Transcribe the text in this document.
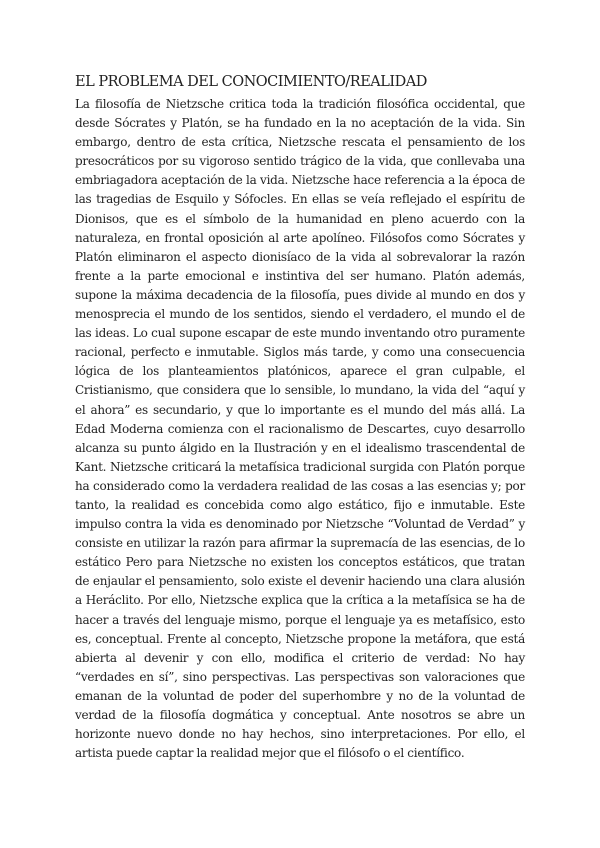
EL PROBLEMA DEL CONOCIMIENTO/REALIDAD

La filosofía de Nietzsche critica toda la tradición filosófica occidental, que desde Sócrates y Platón, se ha fundado en la no aceptación de la vida. Sin embargo, dentro de esta crítica, Nietzsche rescata el pensamiento de los presocráticos por su vigoroso sentido trágico de la vida, que conllevaba una embriagadora aceptación de la vida. Nietzsche hace referencia a la época de las tragedias de Esquilo y Sófocles. En ellas se veía reflejado el espíritu de Dionisos, que es el símbolo de la humanidad en pleno acuerdo con la naturaleza, en frontal oposición al arte apolíneo. Filósofos como Sócrates y Platón eliminaron el aspecto dionisíaco de la vida al sobrevalorar la razón frente a la parte emocional e instintiva del ser humano. Platón además, supone la máxima decadencia de la filosofía, pues divide al mundo en dos y menosprecia el mundo de los sentidos, siendo el verdadero, el mundo el de las ideas. Lo cual supone escapar de este mundo inventando otro puramente racional, perfecto e inmutable. Siglos más tarde, y como una consecuencia lógica de los planteamientos platónicos, aparece el gran culpable, el Cristianismo, que considera que lo sensible, lo mundano, la vida del “aquí y el ahora” es secundario, y que lo importante es el mundo del más allá. La Edad Moderna comienza con el racionalismo de Descartes, cuyo desarrollo alcanza su punto álgido en la Ilustración y en el idealismo trascendental de Kant. Nietzsche criticará la metafísica tradicional surgida con Platón porque ha considerado como la verdadera realidad de las cosas a las esencias y; por tanto, la realidad es concebida como algo estático, fijo e inmutable. Este impulso contra la vida es denominado por Nietzsche “Voluntad de Verdad” y consiste en utilizar la razón para afirmar la supremacía de las esencias, de lo estático Pero para Nietzsche no existen los conceptos estáticos, que tratan de enjaular el pensamiento, solo existe el devenir haciendo una clara alusión a Heráclito. Por ello, Nietzsche explica que la crítica a la metafísica se ha de hacer a través del lenguaje mismo, porque el lenguaje ya es metafísico, esto es, conceptual. Frente al concepto, Nietzsche propone la metáfora, que está abierta al devenir y con ello, modifica el criterio de verdad: No hay “verdades en sí”, sino perspectivas. Las perspectivas son valoraciones que emanan de la voluntad de poder del superhombre y no de la voluntad de verdad de la filosofía dogmática y conceptual. Ante nosotros se abre un horizonte nuevo donde no hay hechos, sino interpretaciones. Por ello, el artista puede captar la realidad mejor que el filósofo o el científico.
